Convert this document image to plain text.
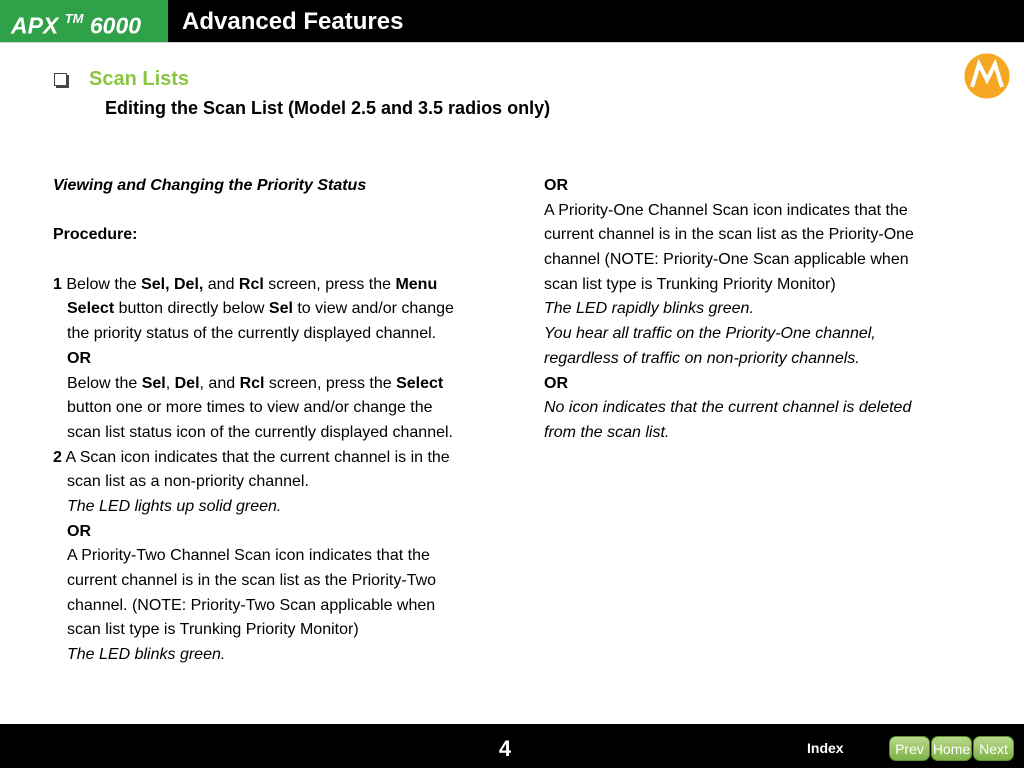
APX ™ 6000	Advanced Features
Scan Lists
Editing the Scan List (Model 2.5 and 3.5 radios only)
Viewing and Changing the Priority Status
Procedure:
1 Below the Sel, Del, and Rcl screen, press the Menu
Select button directly below Sel to view and/or change
the priority status of the currently displayed channel.
OR
Below the Sel, Del, and Rcl screen, press the Select
button one or more times to view and/or change the
scan list status icon of the currently displayed channel.
2 A Scan icon indicates that the current channel is in the
scan list as a non-priority channel.
The LED lights up solid green.
OR
A Priority-Two Channel Scan icon indicates that the
current channel is in the scan list as the Priority-Two
channel. (NOTE: Priority-Two Scan applicable when
scan list type is Trunking Priority Monitor)
The LED blinks green.
OR
A Priority-One Channel Scan icon indicates that the
current channel is in the scan list as the Priority-One
channel (NOTE: Priority-One Scan applicable when
scan list type is Trunking Priority Monitor)
The LED rapidly blinks green.
You hear all traffic on the Priority-One channel,
regardless of traffic on non-priority channels.
OR
No icon indicates that the current channel is deleted
from the scan list.
4	Index	Prev Home Next
